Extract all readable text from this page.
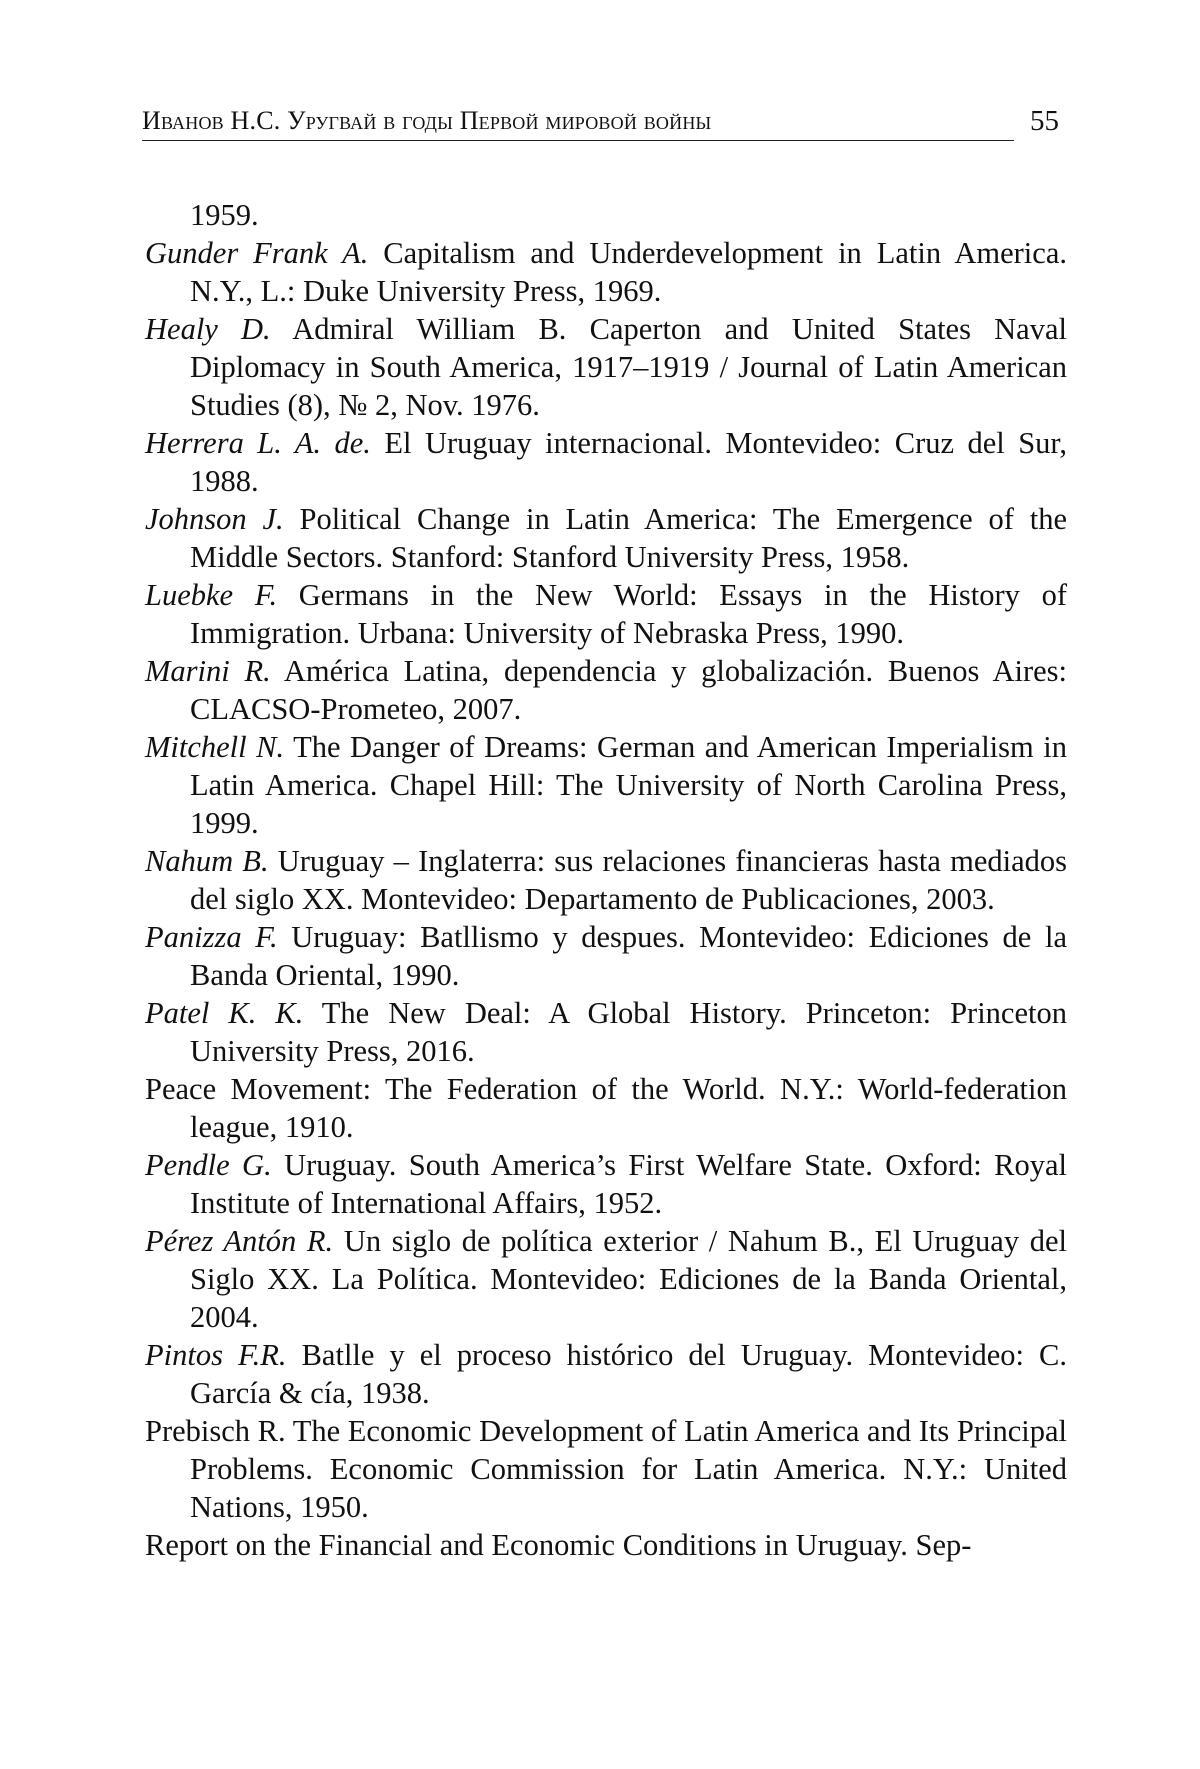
Иванов Н.С. Уругвай в годы Первой мировой войны	55

1959.

Gunder Frank A. Capitalism and Underdevelopment in Latin America. N.Y., L.: Duke University Press, 1969.

Healy D. Admiral William B. Caperton and United States Naval Diplomacy in South America, 1917–1919 / Journal of Latin American Studies (8), № 2, Nov. 1976.

Herrera L. A. de. El Uruguay internacional. Montevideo: Cruz del Sur, 1988.

Johnson J. Political Change in Latin America: The Emergence of the Middle Sectors. Stanford: Stanford University Press, 1958.

Luebke F. Germans in the New World: Essays in the History of Immigration. Urbana: University of Nebraska Press, 1990.

Marini R. América Latina, dependencia y globalización. Buenos Aires: CLACSO-Prometeo, 2007.

Mitchell N. The Danger of Dreams: German and American Imperialism in Latin America. Chapel Hill: The University of North Carolina Press, 1999.

Nahum B. Uruguay – Inglaterra: sus relaciones financieras hasta mediados del siglo XX. Montevideo: Departamento de Publicaciones, 2003.

Panizza F. Uruguay: Batllismo y despues. Montevideo: Ediciones de la Banda Oriental, 1990.

Patel K. K. The New Deal: A Global History. Princeton: Princeton University Press, 2016.

Peace Movement: The Federation of the World. N.Y.: World-federation league, 1910.

Pendle G. Uruguay. South America’s First Welfare State. Oxford: Royal Institute of International Affairs, 1952.

Pérez Antón R. Un siglo de política exterior / Nahum B., El Uruguay del Siglo XX. La Política. Montevideo: Ediciones de la Banda Oriental, 2004.

Pintos F.R. Batlle y el proceso histórico del Uruguay. Montevideo: C. García & cía, 1938.

Prebisch R. The Economic Development of Latin America and Its Principal Problems. Economic Commission for Latin America. N.Y.: United Nations, 1950.

Report on the Financial and Economic Conditions in Uruguay. Sep-
